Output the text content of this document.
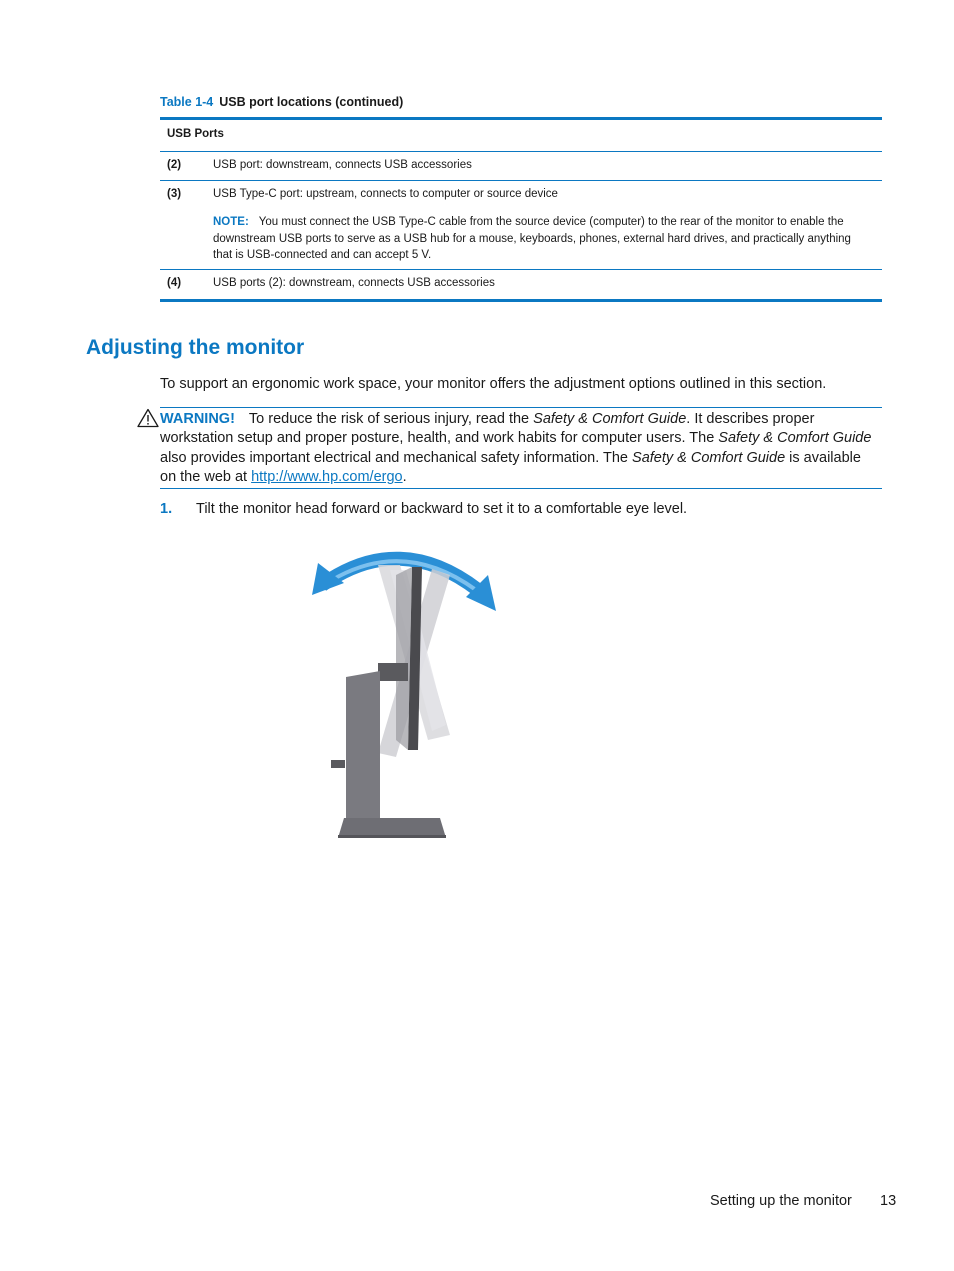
Table 1-4 USB port locations (continued)
USB Ports
(2)	USB port: downstream, connects USB accessories
(3)	USB Type-C port: upstream, connects to computer or source device
NOTE: You must connect the USB Type-C cable from the source device (computer) to the rear of the monitor to enable the downstream USB ports to serve as a USB hub for a mouse, keyboards, phones, external hard drives, and practically anything that is USB-connected and can accept 5 V.
(4)	USB ports (2): downstream, connects USB accessories
Adjusting the monitor
To support an ergonomic work space, your monitor offers the adjustment options outlined in this section.
WARNING! To reduce the risk of serious injury, read the Safety & Comfort Guide. It describes proper workstation setup and proper posture, health, and work habits for computer users. The Safety & Comfort Guide also provides important electrical and mechanical safety information. The Safety & Comfort Guide is available on the web at http://www.hp.com/ergo.
1. Tilt the monitor head forward or backward to set it to a comfortable eye level.
Setting up the monitor 13
